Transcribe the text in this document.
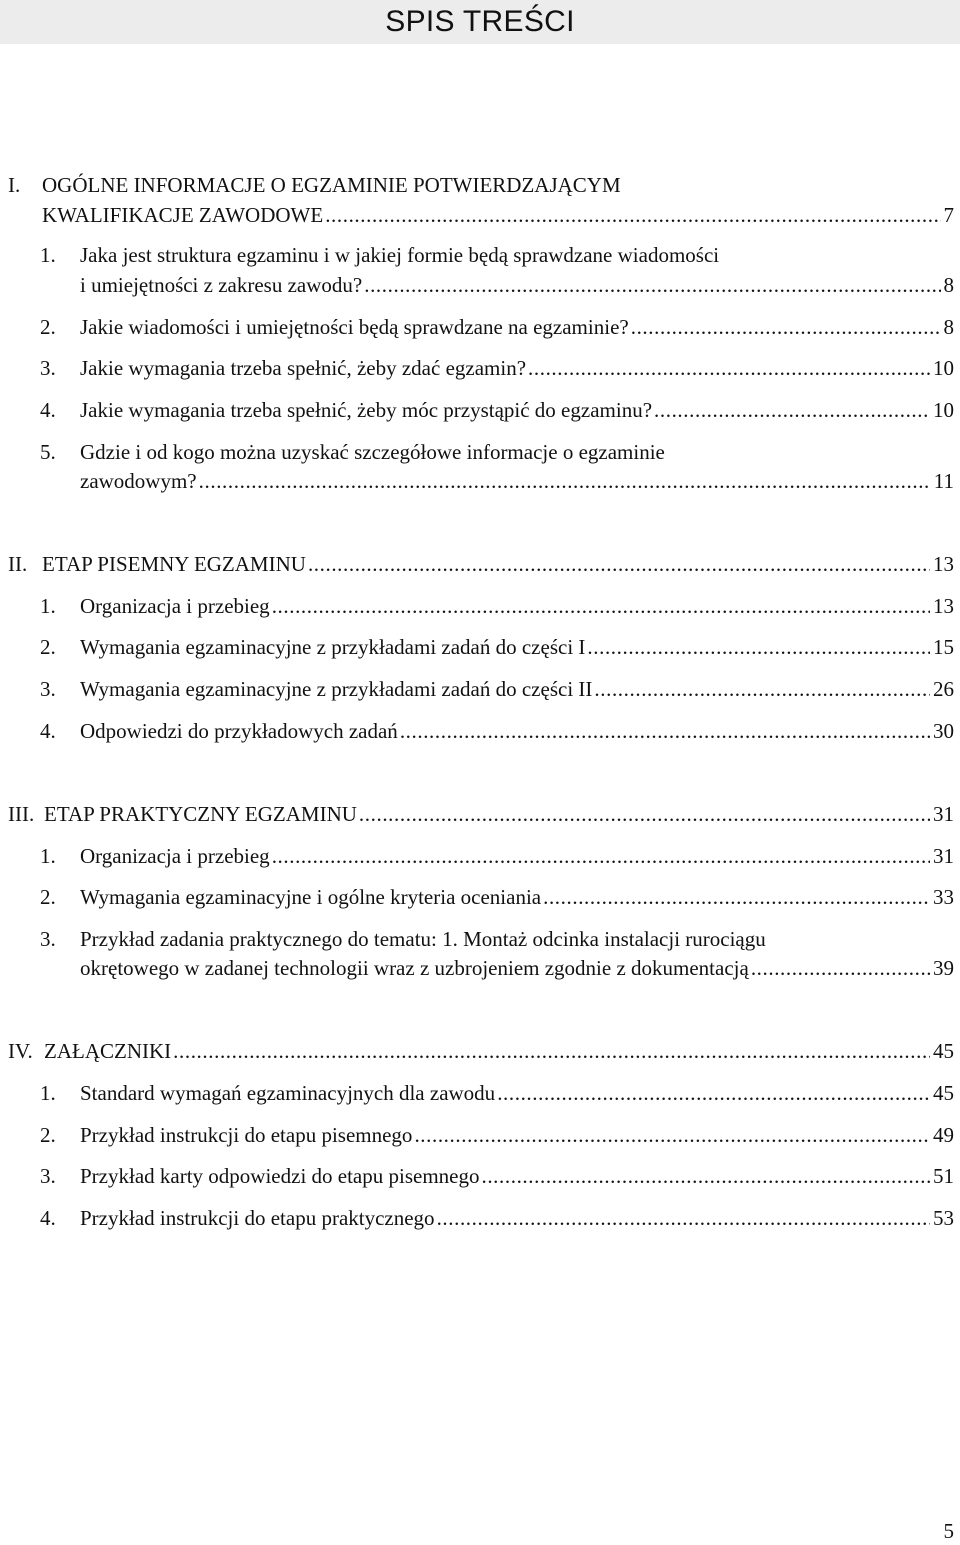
SPIS TREŚCI
I. OGÓLNE INFORMACJE O EGZAMINIE POTWIERDZAJĄCYM
KWALIFIKACJE ZAWODOWE .....	7
1. Jaka jest struktura egzaminu i w jakiej formie będą sprawdzane wiadomości
i umiejętności z zakresu zawodu? .....	8
2. Jakie wiadomości i umiejętności będą sprawdzane na egzaminie? .....	8
3. Jakie wymagania trzeba spełnić, żeby zdać egzamin? .....	10
4. Jakie wymagania trzeba spełnić, żeby móc przystąpić do egzaminu? .....	10
5. Gdzie i od kogo można uzyskać szczegółowe informacje o egzaminie
zawodowym? .....	11
II. ETAP PISEMNY EGZAMINU .....	13
1. Organizacja i przebieg .....	13
2. Wymagania egzaminacyjne z przykładami zadań do części I .....	15
3. Wymagania egzaminacyjne z przykładami zadań do części II .....	26
4. Odpowiedzi do przykładowych zadań .....	30
III. ETAP PRAKTYCZNY EGZAMINU .....	31
1. Organizacja i przebieg .....	31
2. Wymagania egzaminacyjne i ogólne kryteria oceniania .....	33
3. Przykład zadania praktycznego do tematu: 1. Montaż odcinka instalacji rurociągu
okrętowego w zadanej technologii wraz z uzbrojeniem zgodnie z dokumentacją .....	39
IV. ZAŁĄCZNIKI .....	45
1. Standard wymagań egzaminacyjnych dla zawodu .....	45
2. Przykład instrukcji do etapu pisemnego .....	49
3. Przykład karty odpowiedzi do etapu pisemnego .....	51
4. Przykład instrukcji do etapu praktycznego .....	53
5
